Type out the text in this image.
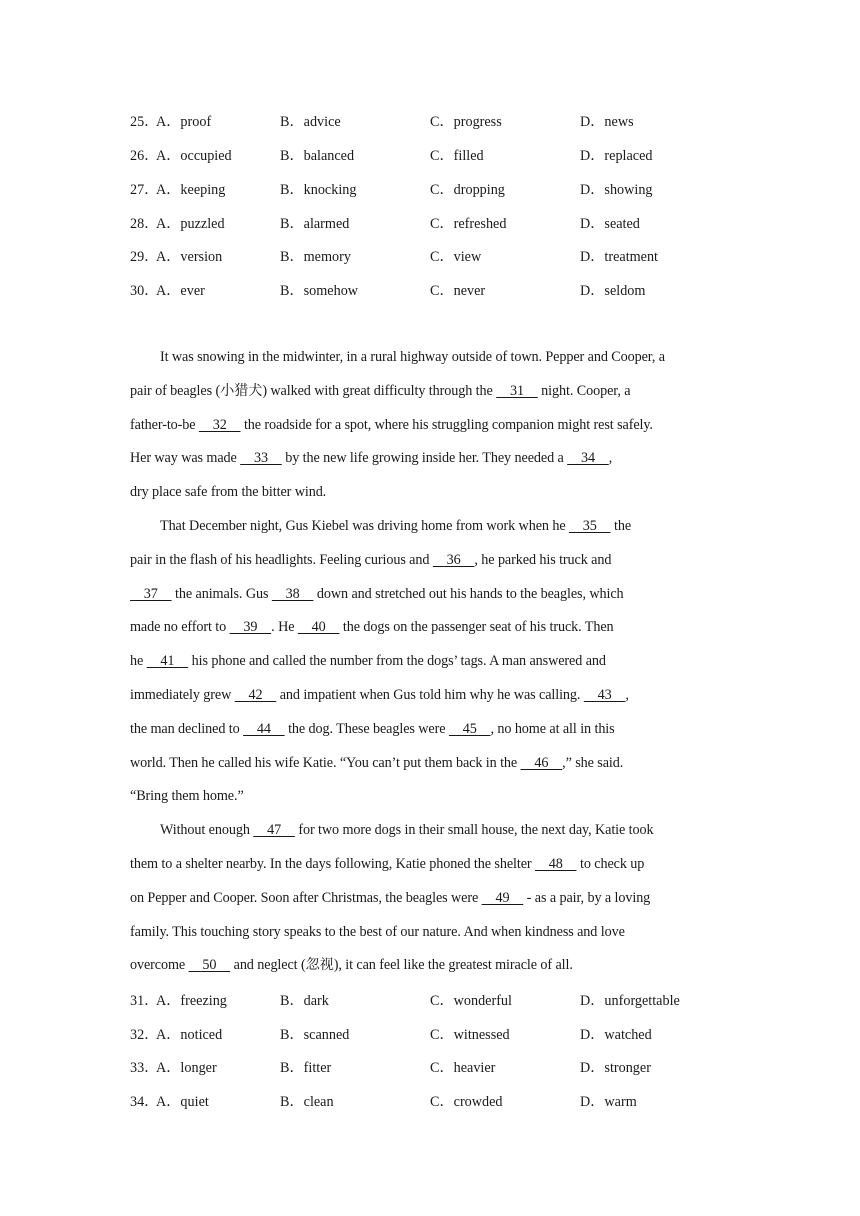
25．
A．proof	B．advice	C．progress	D．news
26．
A．occupied	B．balanced	C．filled	D．replaced
27．
A．keeping	B．knocking	C．dropping	D．showing
28．
A．puzzled	B．alarmed	C．refreshed	D．seated
29．
A．version	B．memory	C．view	D．treatment
30．
A．ever	B．somehow	C．never	D．seldom
It was snowing in the midwinter, in a rural highway outside of town. Pepper and Cooper, a
pair of beagles (小猎犬) walked with great difficulty through the     31     night. Cooper, a
father-to-be     32     the roadside for a spot, where his struggling companion might rest safely.
Her way was made     33     by the new life growing inside her. They needed a     34    ,
dry place safe from the bitter wind.
That December night, Gus Kiebel was driving home from work when he     35     the
pair in the flash of his headlights. Feeling curious and     36    , he parked his truck and
37     the animals. Gus     38     down and stretched out his hands to the beagles, which
made no effort to     39    . He     40     the dogs on the passenger seat of his truck. Then
he     41     his phone and called the number from the dogs’ tags. A man answered and
immediately grew     42     and impatient when Gus told him why he was calling.     43    ,
the man declined to     44     the dog. These beagles were     45    , no home at all in this
world. Then he called his wife Katie. “You can’t put them back in the     46    ,” she said.
“Bring them home.”
Without enough     47     for two more dogs in their small house, the next day, Katie took
them to a shelter nearby. In the days following, Katie phoned the shelter     48     to check up
on Pepper and Cooper. Soon after Christmas, the beagles were     49     - as a pair, by a loving
family. This touching story speaks to the best of our nature. And when kindness and love
overcome     50     and neglect (忽视), it can feel like the greatest miracle of all.
31．
A．freezing	B．dark	C．wonderful	D．unforgettable
32．
A．noticed	B．scanned	C．witnessed	D．watched
33．
A．longer	B．fitter	C．heavier	D．stronger
34．
A．quiet	B．clean	C．crowded	D．warm
